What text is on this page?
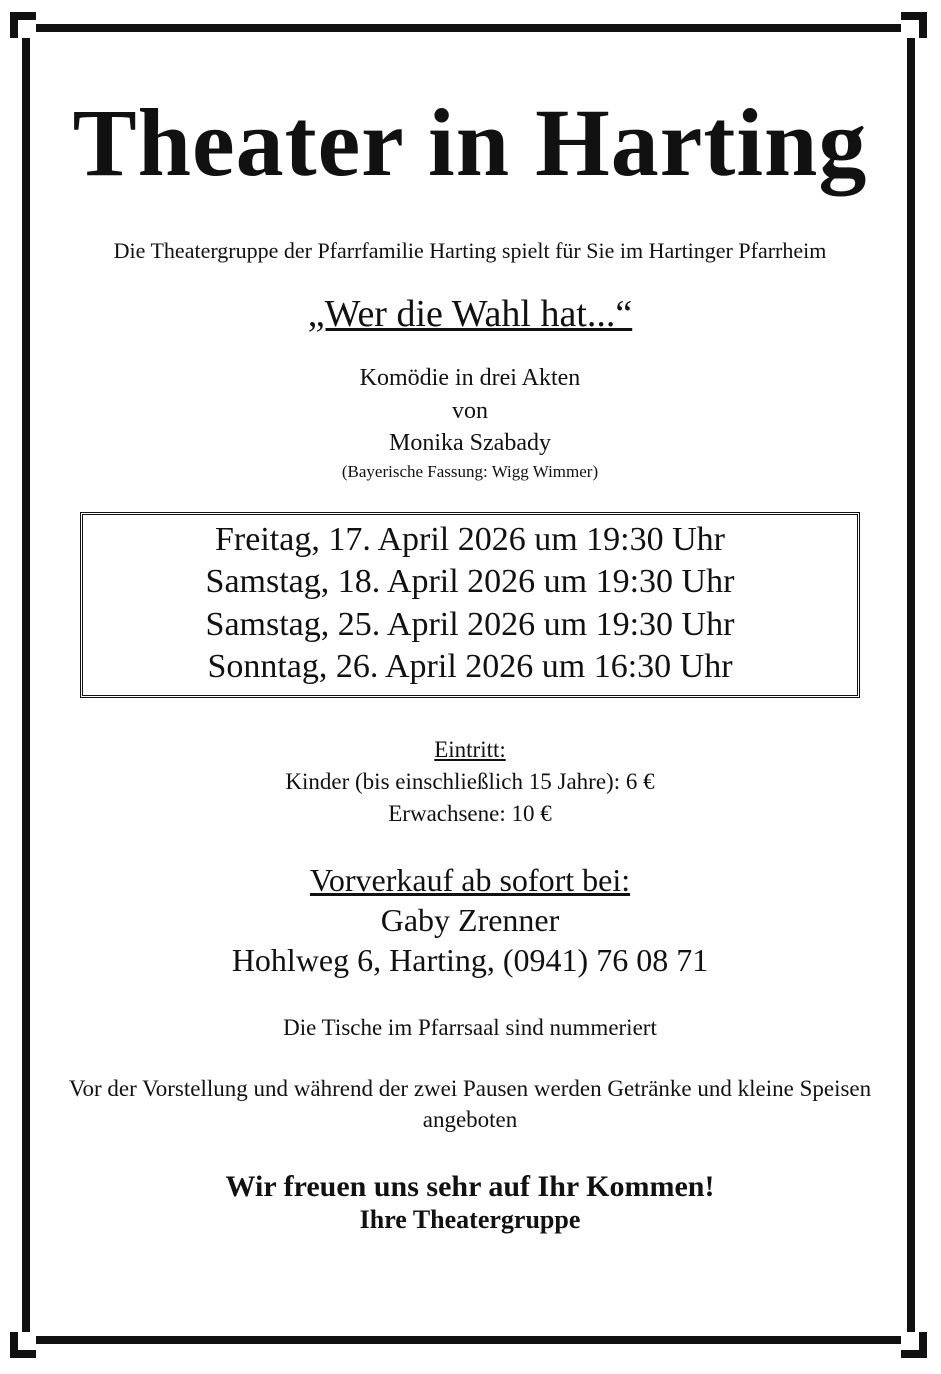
Theater in Harting
Die Theatergruppe der Pfarrfamilie Harting spielt für Sie im Hartinger Pfarrheim
„Wer die Wahl hat...“
Komödie in drei Akten
von
Monika Szabady
(Bayerische Fassung: Wigg Wimmer)
Freitag, 17. April 2026 um 19:30 Uhr
Samstag, 18. April 2026 um 19:30 Uhr
Samstag, 25. April 2026 um 19:30 Uhr
Sonntag, 26. April 2026 um 16:30 Uhr
Eintritt:
Kinder (bis einschließlich 15 Jahre): 6 €
Erwachsene: 10 €
Vorverkauf ab sofort bei:
Gaby Zrenner
Hohlweg 6, Harting, (0941) 76 08 71
Die Tische im Pfarrsaal sind nummeriert
Vor der Vorstellung und während der zwei Pausen werden Getränke und kleine Speisen angeboten
Wir freuen uns sehr auf Ihr Kommen!
Ihre Theatergruppe
